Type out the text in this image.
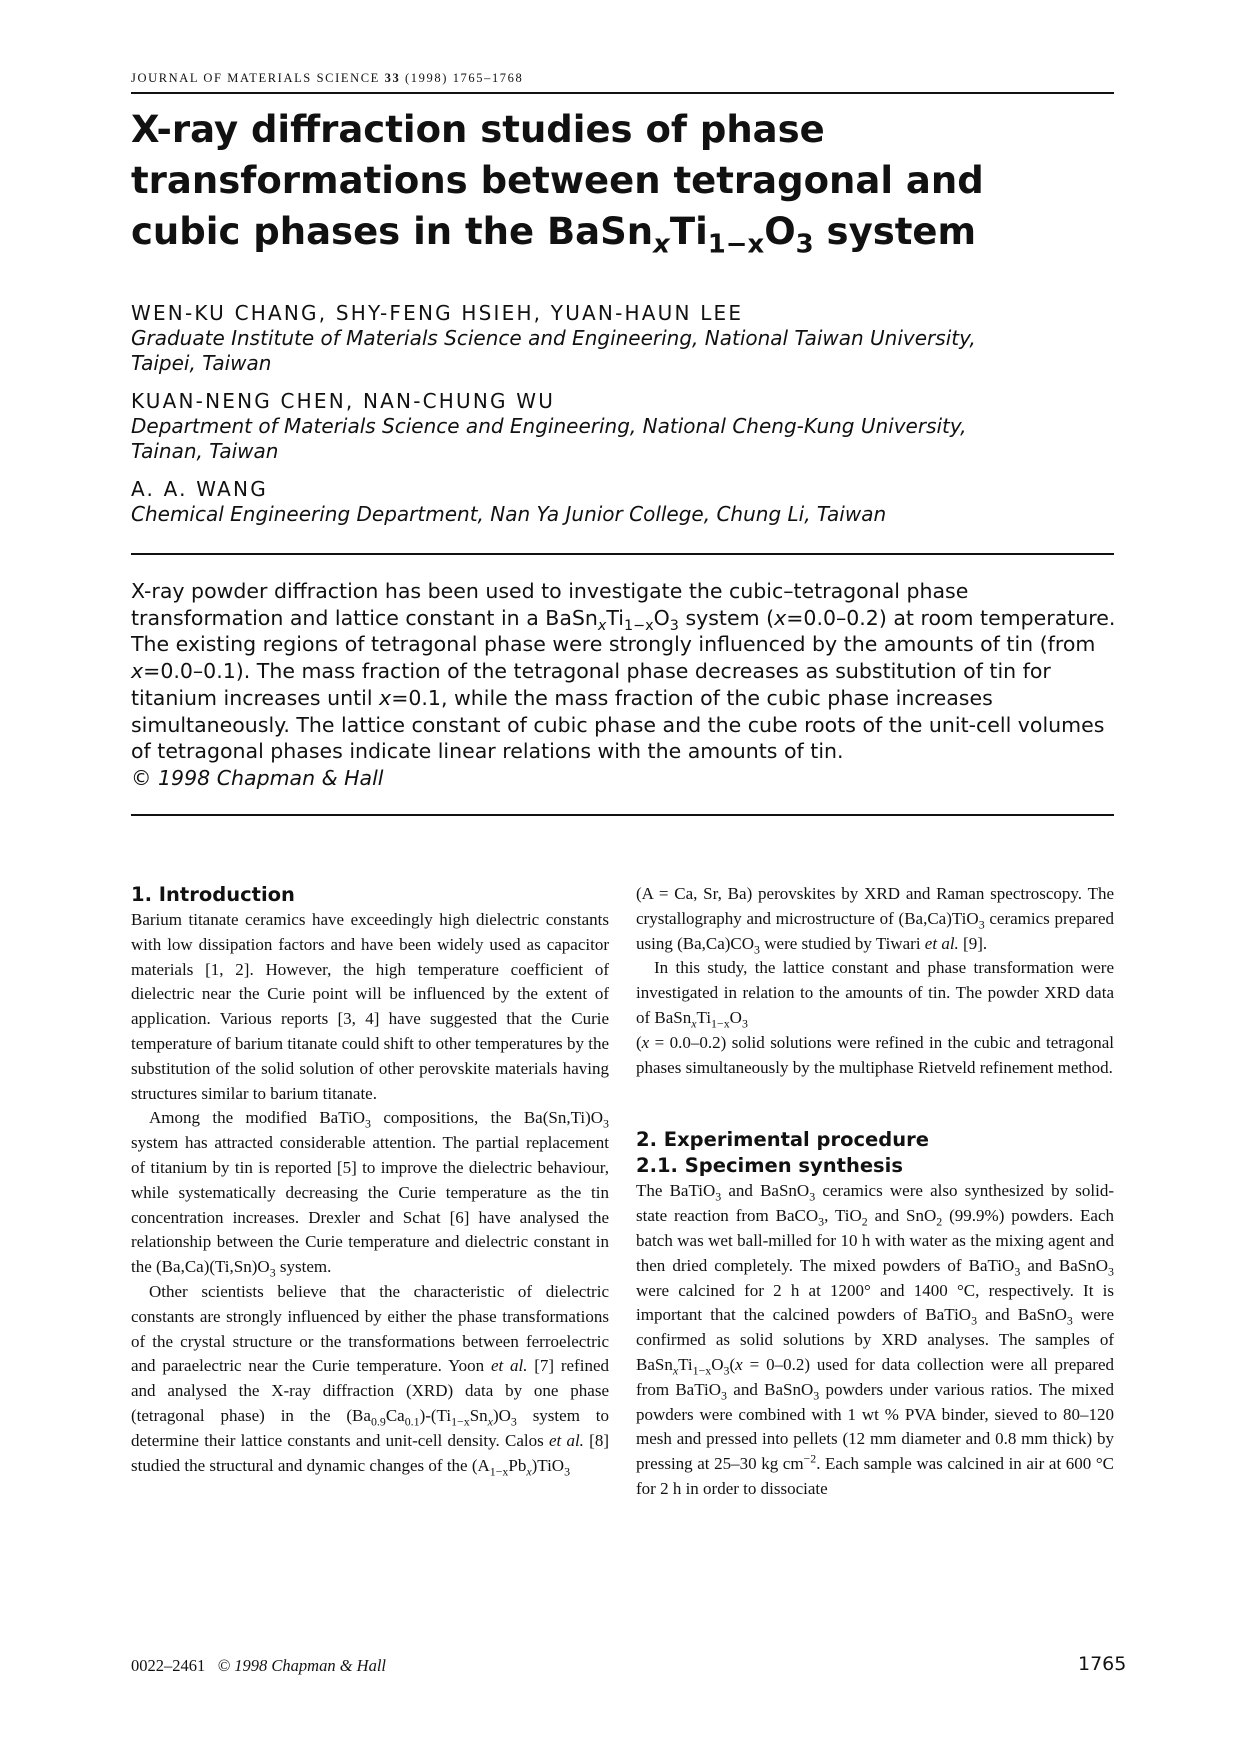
JOURNAL OF MATERIALS SCIENCE 33 (1998) 1765–1768
X-ray diffraction studies of phase
transformations between tetragonal and
cubic phases in the $BaSn_xTi_{1-x}O_3$ system
WEN-KU CHANG, SHY-FENG HSIEH, YUAN-HAUN LEE
Graduate Institute of Materials Science and Engineering, National Taiwan University,
Taipei, Taiwan
KUAN-NENG CHEN, NAN-CHUNG WU
Department of Materials Science and Engineering, National Cheng-Kung University,
Tainan, Taiwan
A. A. WANG
Chemical Engineering Department, Nan Ya Junior College, Chung Li, Taiwan

X-ray powder diffraction has been used to investigate the cubic–tetragonal phase transformation and lattice constant in a $BaSn_xTi_{1-x}O_3$ system (x=0.0–0.2) at room temperature. The existing regions of tetragonal phase were strongly influenced by the amounts of tin (from x=0.0–0.1). The mass fraction of the tetragonal phase decreases as substitution of tin for titanium increases until x=0.1, while the mass fraction of the cubic phase increases simultaneously. The lattice constant of cubic phase and the cube roots of the unit-cell volumes of tetragonal phases indicate linear relations with the amounts of tin.
© 1998 Chapman & Hall

1. Introduction

Barium titanate ceramics have exceedingly high dielectric constants with low dissipation factors and have been widely used as capacitor materials [1, 2]. However, the high temperature coefficient of dielectric near the Curie point will be influenced by the extent of application. Various reports [3, 4] have suggested that the Curie temperature of barium titanate could shift to other temperatures by the substitution of the solid solution of other perovskite materials having structures similar to barium titanate.

Among the modified BaTiO$_3$ compositions, the $Ba(Sn,Ti)O_3$ system has attracted considerable attention. The partial replacement of titanium by tin is reported [5] to improve the dielectric behaviour, while systematically decreasing the Curie temperature as the tin concentration increases. Drexler and Schat [6] have analysed the relationship between the Curie temperature and dielectric constant in the $(Ba,Ca)(Ti,Sn)O_3$ system.

Other scientists believe that the characteristic of dielectric constants are strongly influenced by either the phase transformations of the crystal structure or the transformations between ferroelectric and paraelectric near the Curie temperature. Yoon et al. [7] refined and analysed the X-ray diffraction (XRD) data by one phase (tetragonal phase) in the $(Ba_{0.9}Ca_{0.1})-(Ti_{1-x}Sn_x)O_3$ system to determine their lattice constants and unit-cell density. Calos et al. [8] studied the structural and dynamic changes of the $(A_{1-x}Pb_x)TiO_3$

(A = Ca, Sr, Ba) perovskites by XRD and Raman spectroscopy. The crystallography and microstructure of (Ba,Ca)TiO$_3$ ceramics prepared using $(Ba,Ca)CO_3$ were studied by Tiwari et al. [9].

In this study, the lattice constant and phase transformation were investigated in relation to the amounts of tin. The powder XRD data of $BaSn_xTi_{1-x}O_3$
(x = 0.0–0.2) solid solutions were refined in the cubic and tetragonal phases simultaneously by the multiphase Rietveld refinement method.

2. Experimental procedure
2.1. Specimen synthesis

The BaTiO$_3$ and BaSnO$_3$ ceramics were also synthesized by solid-state reaction from BaCO$_3$, TiO$_2$ and SnO$_2$ (99.9%) powders. Each batch was wet ball-milled for 10 h with water as the mixing agent and then dried completely. The mixed powders of BaTiO$_3$ and BaSnO$_3$ were calcined for 2 h at 1200° and 1400 °C, respectively. It is important that the calcined powders of BaTiO$_3$ and BaSnO$_3$ were confirmed as solid solutions by XRD analyses. The samples of $BaSn_xTi_{1-x}O_3(x = 0-0.2)$ used for data collection were all prepared from BaTiO$_3$ and BaSnO$_3$ powders under various ratios. The mixed powders were combined with 1 wt % PVA binder, sieved to 80–120 mesh and pressed into pellets (12 mm diameter and 0.8 mm thick) by pressing at 25–30 kg $cm^{-2}$. Each sample was calcined in air at 600 °C for 2 h in order to dissociate

0022–2461 © 1998 Chapman & Hall	1765
